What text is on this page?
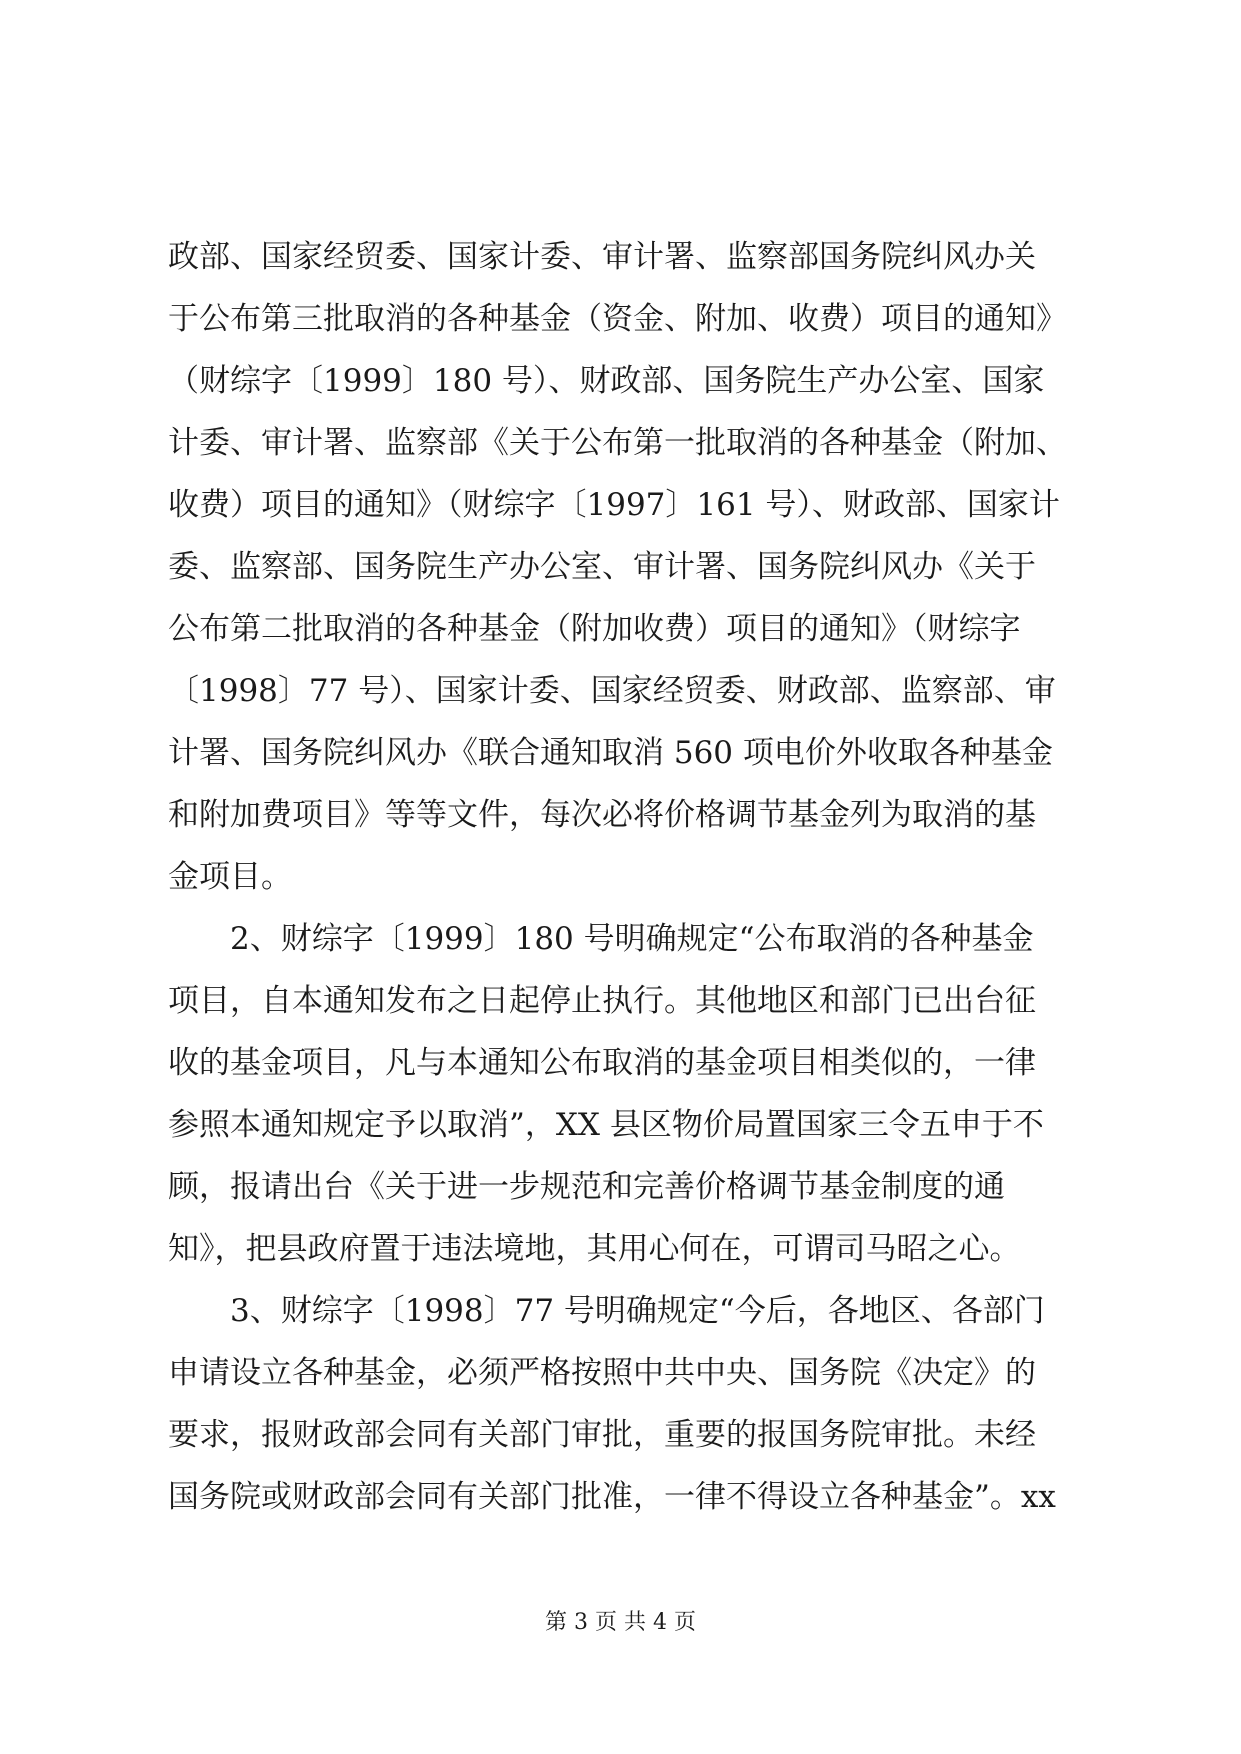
政部、国家经贸委、国家计委、审计署、监察部国务院纠风办关
于公布第三批取消的各种基金（资金、附加、收费）项目的通知》
（财综字〔1999〕180 号）、财政部、国务院生产办公室、国家
计委、审计署、监察部《关于公布第一批取消的各种基金（附加、
收费）项目的通知》（财综字〔1997〕161 号）、财政部、国家计
委、监察部、国务院生产办公室、审计署、国务院纠风办《关于
公布第二批取消的各种基金（附加收费）项目的通知》（财综字
〔1998〕77 号）、国家计委、国家经贸委、财政部、监察部、审
计署、国务院纠风办《联合通知取消 560 项电价外收取各种基金
和附加费项目》等等文件，每次必将价格调节基金列为取消的基
金项目。
2、财综字〔1999〕180 号明确规定“公布取消的各种基金
项目，自本通知发布之日起停止执行。其他地区和部门已出台征
收的基金项目，凡与本通知公布取消的基金项目相类似的，一律
参照本通知规定予以取消”，XX 县区物价局置国家三令五申于不
顾，报请出台《关于进一步规范和完善价格调节基金制度的通
知》，把县政府置于违法境地，其用心何在，可谓司马昭之心。
3、财综字〔1998〕77 号明确规定“今后，各地区、各部门
申请设立各种基金，必须严格按照中共中央、国务院《决定》的
要求，报财政部会同有关部门审批，重要的报国务院审批。未经
国务院或财政部会同有关部门批准，一律不得设立各种基金”。xx
第 3 页 共 4 页
